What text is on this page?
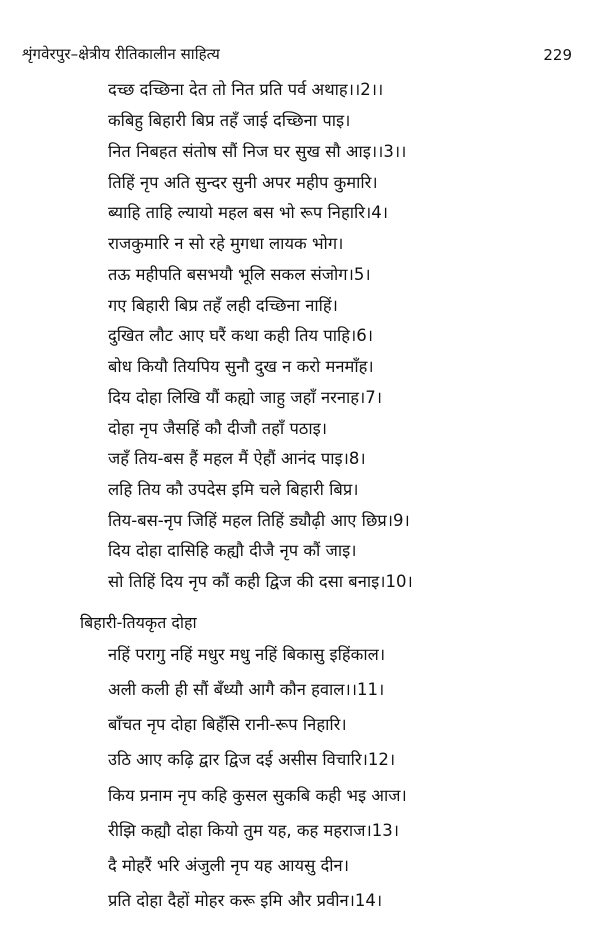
शृंगवेरपुर–क्षेत्रीय रीतिकालीन साहित्य	229
दच्छ दच्छिना देत तो नित प्रति पर्व अथाह।।2।।
कबिहु बिहारी बिप्र तहँ जाई दच्छिना पाइ।
नित निबहत संतोष सौं निज घर सुख सौ आइ।।3।।
तिहिं नृप अति सुन्दर सुनी अपर महीप कुमारि।
ब्याहि ताहि ल्यायो महल बस भो रूप निहारि।4।
राजकुमारि न सो रहे मुगधा लायक भोग।
तऊ महीपति बसभयौ भूलि सकल संजोग।5।
गए बिहारी बिप्र तहँ लही दच्छिना नाहिं।
दुखित लौट आए घरैं कथा कही तिय पाहि।6।
बोध कियौ तियपिय सुनौ दुख न करो मनमाँह।
दिय दोहा लिखि यौं कह्यो जाहु जहाँ नरनाह।7।
दोहा नृप जैसहिं कौ दीजौ तहाँ पठाइ।
जहँ तिय-बस हैं महल मैं ऐहौं आनंद पाइ।8।
लहि तिय कौ उपदेस इमि चले बिहारी बिप्र।
तिय-बस-नृप जिहिं महल तिहिं ड्यौढ़ी आए छिप्र।9।
दिय दोहा दासिहि कह्यौ दीजै नृप कौं जाइ।
सो तिहिं दिय नृप कौं कही द्विज की दसा बनाइ।10।
बिहारी-तियकृत दोहा
नहिं परागु नहिं मधुर मधु नहिं बिकासु इहिंकाल।
अली कली ही सौं बँध्यौ आगै कौन हवाल।।11।
बाँचत नृप दोहा बिहँसि रानी-रूप निहारि।
उठि आए कढ़ि द्वार द्विज दई असीस विचारि।12।
किय प्रनाम नृप कहि कुसल सुकबि कही भइ आज।
रीझि कह्यौ दोहा कियो तुम यह, कह महराज।13।
दै मोहरैं भरि अंजुली नृप यह आयसु दीन।
प्रति दोहा दैहों मोहर करू इमि और प्रवीन।14।
